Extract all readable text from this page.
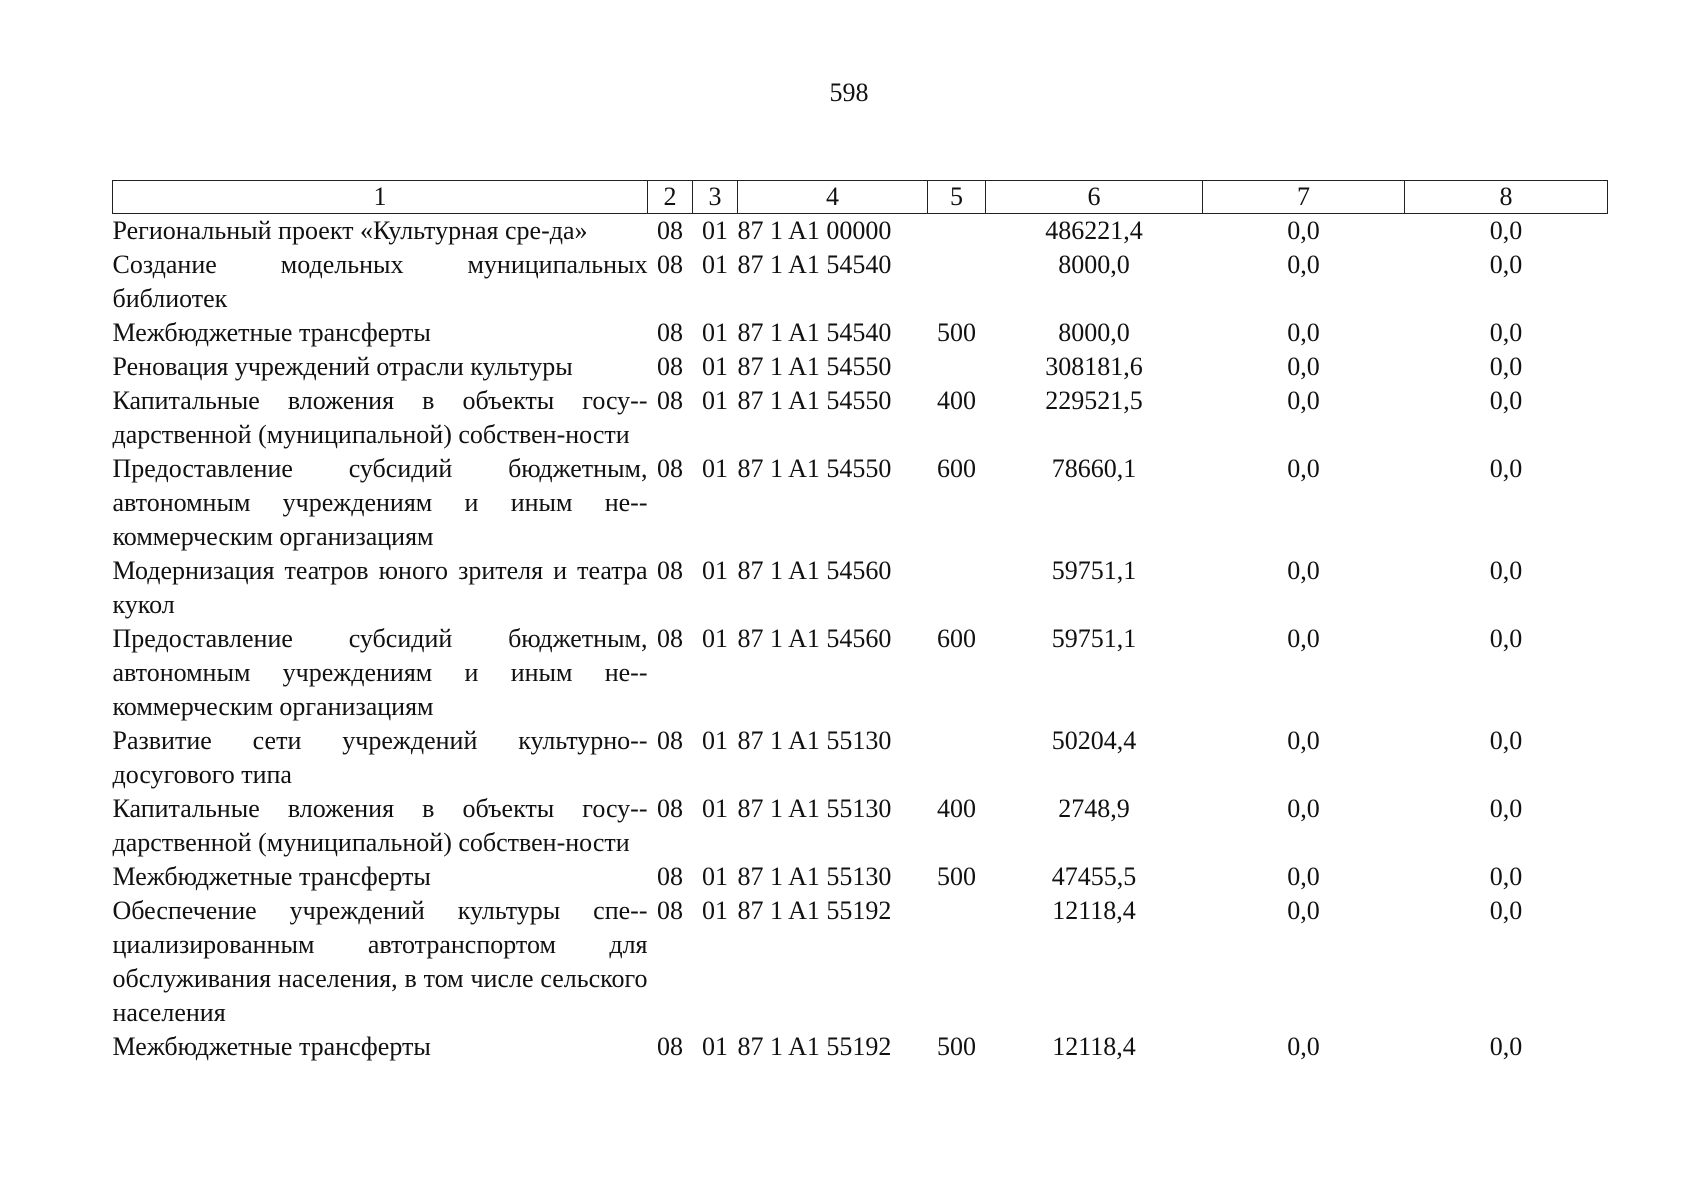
598
1	2	3	4	5	6	7	8
Региональный проект «Культурная сре-да»	08	01	87 1 A1 00000		486221,4	0,0	0,0
Создание модельных муниципальных библиотек	08	01	87 1 A1 54540		8000,0	0,0	0,0
Межбюджетные трансферты	08	01	87 1 A1 54540	500	8000,0	0,0	0,0
Реновация учреждений отрасли культуры	08	01	87 1 A1 54550		308181,6	0,0	0,0
Капитальные вложения в объекты госу-дарственной (муниципальной) собствен-ности	08	01	87 1 A1 54550	400	229521,5	0,0	0,0
Предоставление субсидий бюджетным, автономным учреждениям и иным не-коммерческим организациям	08	01	87 1 A1 54550	600	78660,1	0,0	0,0
Модернизация театров юного зрителя и театра кукол	08	01	87 1 A1 54560		59751,1	0,0	0,0
Предоставление субсидий бюджетным, автономным учреждениям и иным не-коммерческим организациям	08	01	87 1 A1 54560	600	59751,1	0,0	0,0
Развитие сети учреждений культурно-досугового типа	08	01	87 1 A1 55130		50204,4	0,0	0,0
Капитальные вложения в объекты госу-дарственной (муниципальной) собствен-ности	08	01	87 1 A1 55130	400	2748,9	0,0	0,0
Межбюджетные трансферты	08	01	87 1 A1 55130	500	47455,5	0,0	0,0
Обеспечение учреждений культуры спе-циализированным автотранспортом для обслуживания населения, в том числе сельского населения	08	01	87 1 A1 55192		12118,4	0,0	0,0
Межбюджетные трансферты	08	01	87 1 A1 55192	500	12118,4	0,0	0,0
